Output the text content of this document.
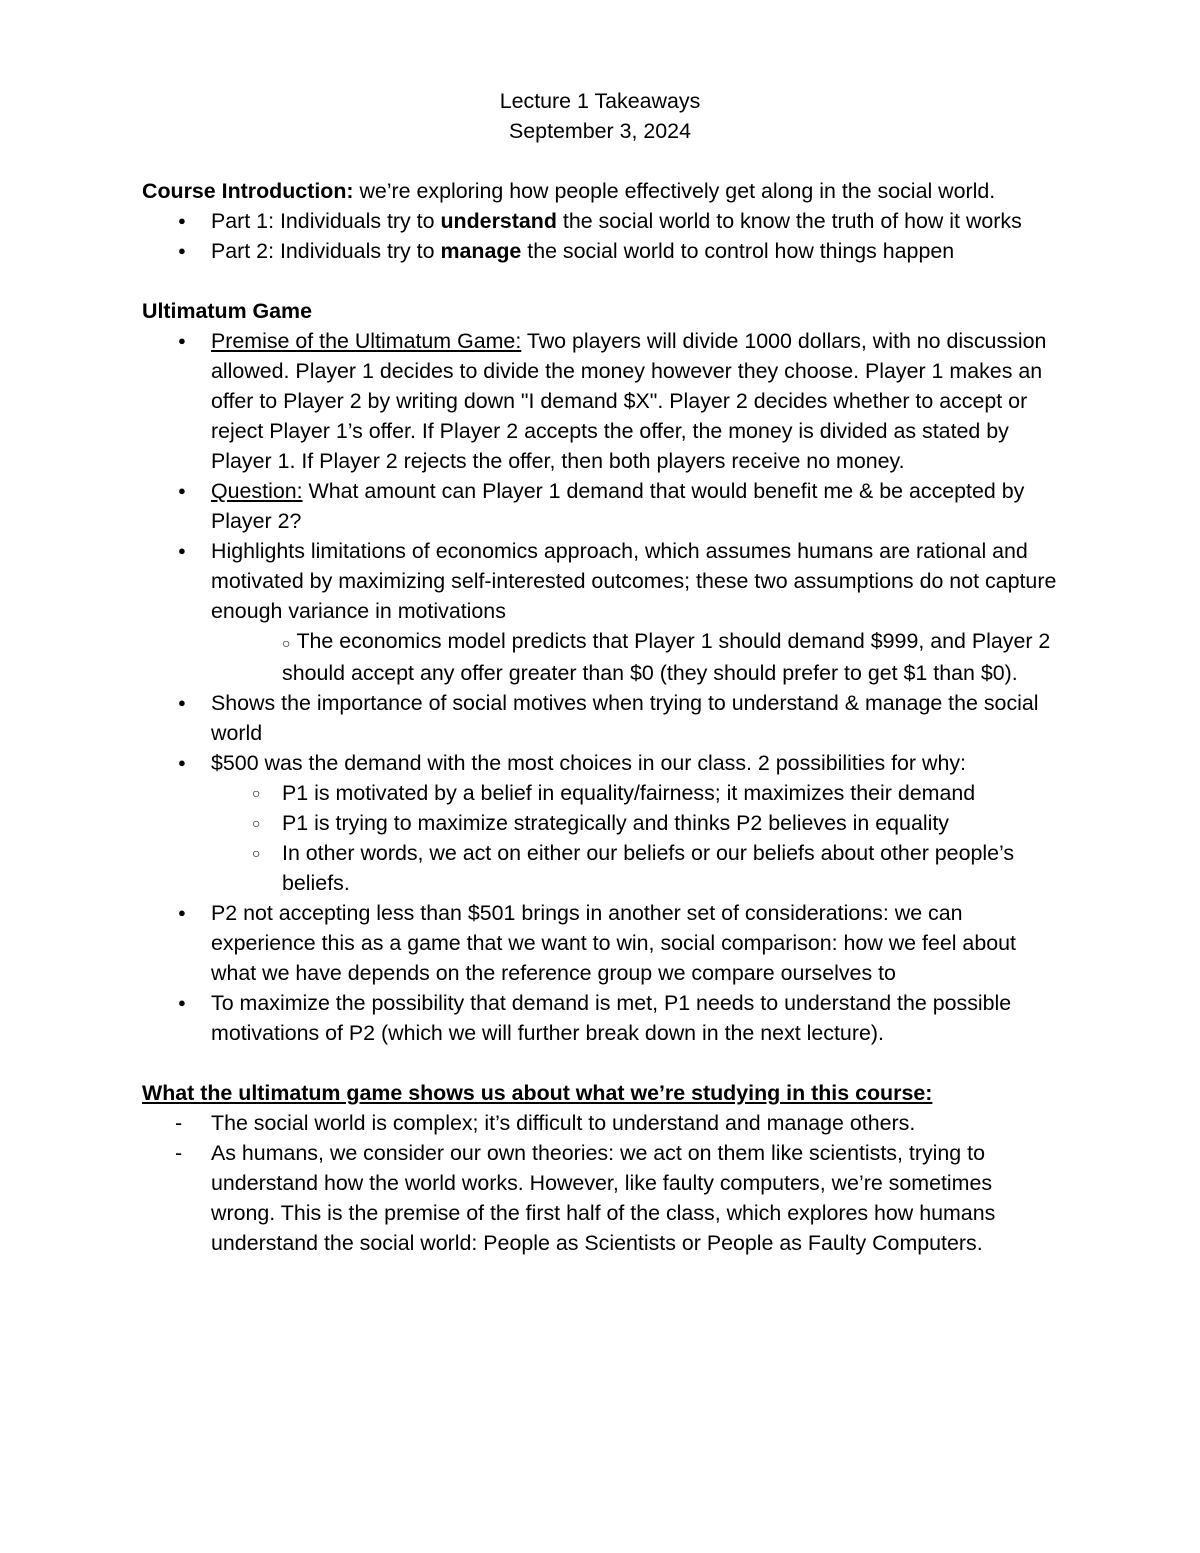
Lecture 1 Takeaways

September 3, 2024

Course Introduction: we’re exploring how people effectively get along in the social world.

● Part 1: Individuals try to understand the social world to know the truth of how it works
● Part 2: Individuals try to manage the social world to control how things happen

Ultimatum Game

● Premise of the Ultimatum Game: Two players will divide 1000 dollars, with no discussion allowed. Player 1 decides to divide the money however they choose. Player 1 makes an offer to Player 2 by writing down "I demand $X". Player 2 decides whether to accept or reject Player 1’s offer. If Player 2 accepts the offer, the money is divided as stated by Player 1. If Player 2 rejects the offer, then both players receive no money.
● Question: What amount can Player 1 demand that would benefit me & be accepted by Player 2?
● Highlights limitations of economics approach, which assumes humans are rational and motivated by maximizing self-interested outcomes; these two assumptions do not capture enough variance in motivations
○ The economics model predicts that Player 1 should demand $999, and Player 2 should accept any offer greater than $0 (they should prefer to get $1 than $0).
● Shows the importance of social motives when trying to understand & manage the social world
● $500 was the demand with the most choices in our class. 2 possibilities for why:
○ P1 is motivated by a belief in equality/fairness; it maximizes their demand
○ P1 is trying to maximize strategically and thinks P2 believes in equality
○ In other words, we act on either our beliefs or our beliefs about other people’s beliefs.
● P2 not accepting less than $501 brings in another set of considerations: we can experience this as a game that we want to win, social comparison: how we feel about what we have depends on the reference group we compare ourselves to
● To maximize the possibility that demand is met, P1 needs to understand the possible motivations of P2 (which we will further break down in the next lecture).

What the ultimatum game shows us about what we’re studying in this course:

- The social world is complex; it’s difficult to understand and manage others.
- As humans, we consider our own theories: we act on them like scientists, trying to understand how the world works. However, like faulty computers, we’re sometimes wrong. This is the premise of the first half of the class, which explores how humans understand the social world: People as Scientists or People as Faulty Computers.
